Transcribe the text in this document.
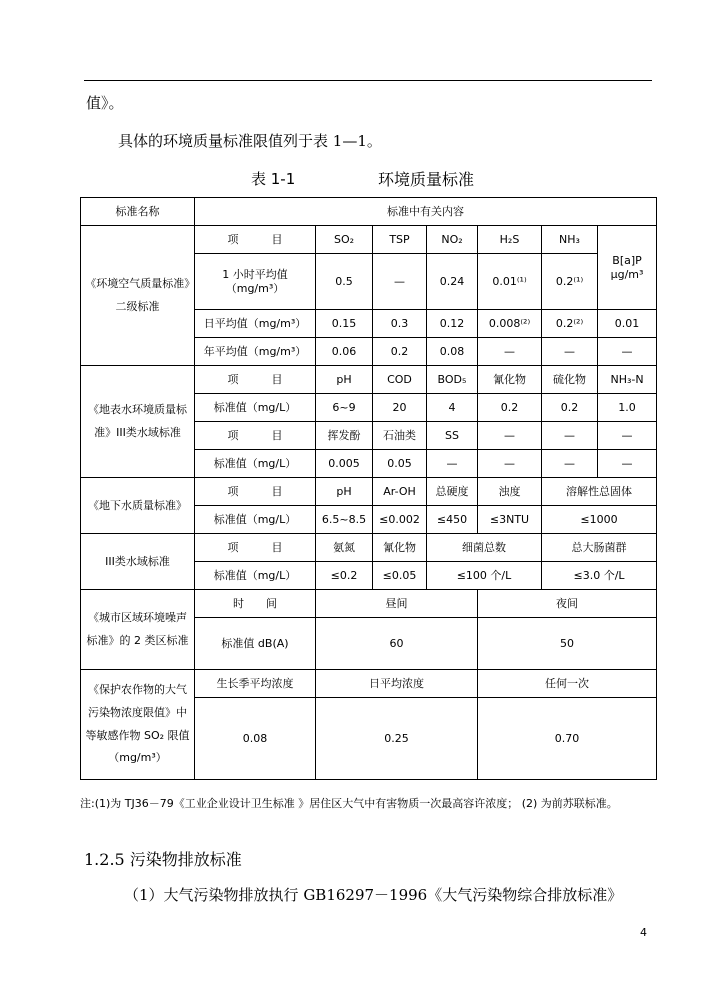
值》。
具体的环境质量标准限值列于表 1—1。
表 1-1	环境质量标准
标准名称	标准中有关内容						
《环境空气质量标准》二级标准	项　　　目	SO₂	TSP	NO₂	H₂S	NH₃	B[a]P μg/m³
	1 小时平均值（mg/m³）	0.5	—	0.24	0.01⁽¹⁾	0.2⁽¹⁾	
	日平均值（mg/m³）	0.15	0.3	0.12	0.008⁽²⁾	0.2⁽²⁾	0.01
	年平均值（mg/m³）	0.06	0.2	0.08	—	—	—
《地表水环境质量标准》III类水域标准	项　　　目	pH	COD	BOD₅	氰化物	硫化物	NH₃-N
	标准值（mg/L）	6~9	20	4	0.2	0.2	1.0
	项　　　目	挥发酚	石油类	SS	—	—	—
	标准值（mg/L）	0.005	0.05	—	—	—	—
《地下水质量标准》	项　　　目	pH	Ar-OH	总硬度	浊度	溶解性总固体	
	标准值（mg/L）	6.5~8.5	≤0.002	≤450	≤3NTU	≤1000	
III类水域标准	项　　　目	氨氮	氰化物	细菌总数		总大肠菌群	
	标准值（mg/L）	≤0.2	≤0.05	≤100 个/L		≤3.0 个/L	
《城市区域环境噪声标准》的 2 类区标准	时　　间	昼间			夜间		
	标准值 dB(A)	60			50		
《保护农作物的大气污染物浓度限值》中等敏感作物 SO₂ 限值（mg/m³）	生长季平均浓度	日平均浓度			任何一次		
	0.08	0.25			0.70		
注:(1)为 TJ36－79《工业企业设计卫生标准 》居住区大气中有害物质一次最高容许浓度； (2) 为前苏联标准。
1.2.5 污染物排放标准
（1）大气污染物排放执行 GB16297－1996《大气污染物综合排放标准》
4
